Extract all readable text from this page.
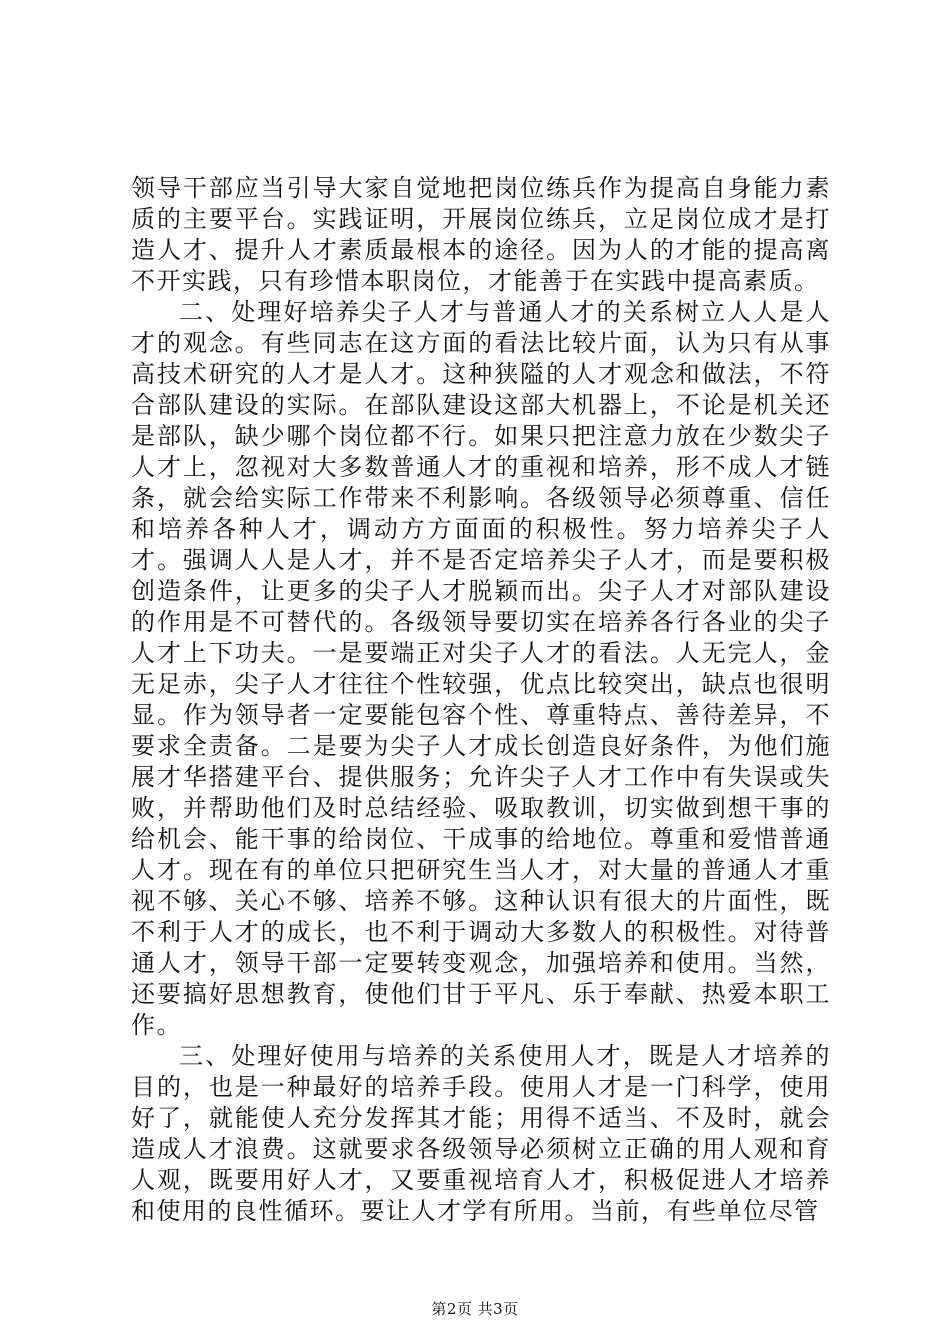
领导干部应当引导大家自觉地把岗位练兵作为提高自身能力素质的主要平台。实践证明，开展岗位练兵，立足岗位成才是打造人才、提升人才素质最根本的途径。因为人的才能的提高离不开实践，只有珍惜本职岗位，才能善于在实践中提高素质。

二、处理好培养尖子人才与普通人才的关系树立人人是人才的观念。有些同志在这方面的看法比较片面，认为只有从事高技术研究的人才是人才。这种狭隘的人才观念和做法，不符合部队建设的实际。在部队建设这部大机器上，不论是机关还是部队，缺少哪个岗位都不行。如果只把注意力放在少数尖子人才上，忽视对大多数普通人才的重视和培养，形不成人才链条，就会给实际工作带来不利影响。各级领导必须尊重、信任和培养各种人才，调动方方面面的积极性。努力培养尖子人才。强调人人是人才，并不是否定培养尖子人才，而是要积极创造条件，让更多的尖子人才脱颖而出。尖子人才对部队建设的作用是不可替代的。各级领导要切实在培养各行各业的尖子人才上下功夫。一是要端正对尖子人才的看法。人无完人，金无足赤，尖子人才往往个性较强，优点比较突出，缺点也很明显。作为领导者一定要能包容个性、尊重特点、善待差异，不要求全责备。二是要为尖子人才成长创造良好条件，为他们施展才华搭建平台、提供服务；允许尖子人才工作中有失误或失败，并帮助他们及时总结经验、吸取教训，切实做到想干事的给机会、能干事的给岗位、干成事的给地位。尊重和爱惜普通人才。现在有的单位只把研究生当人才，对大量的普通人才重视不够、关心不够、培养不够。这种认识有很大的片面性，既不利于人才的成长，也不利于调动大多数人的积极性。对待普通人才，领导干部一定要转变观念，加强培养和使用。当然，还要搞好思想教育，使他们甘于平凡、乐于奉献、热爱本职工作。

三、处理好使用与培养的关系使用人才，既是人才培养的目的，也是一种最好的培养手段。使用人才是一门科学，使用好了，就能使人充分发挥其才能；用得不适当、不及时，就会造成人才浪费。这就要求各级领导必须树立正确的用人观和育人观，既要用好人才，又要重视培育人才，积极促进人才培养和使用的良性循环。要让人才学有所用。当前，有些单位尽管

第2页 共3页
